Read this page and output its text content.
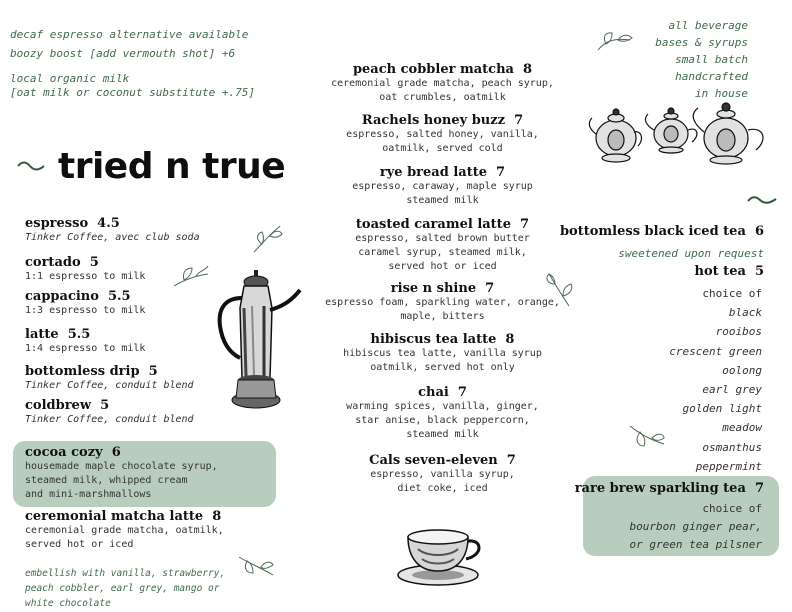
decaf espresso alternative available
boozy boost [add vermouth shot] +6
local organic milk
[oat milk or coconut substitute +.75]
all beverage
bases & syrups
small batch
handcrafted
in house
tried n true
espresso 4.5
Tinker Coffee, avec club soda
cortado 5
1:1 espresso to milk
cappacino 5.5
1:3 espresso to milk
latte 5.5
1:4 espresso to milk
bottomless drip 5
Tinker Coffee, conduit blend
coldbrew 5
Tinker Coffee, conduit blend
cocoa cozy 6
housemade maple chocolate syrup,
steamed milk, whipped cream
and mini-marshmallows
ceremonial matcha latte 8
ceremonial grade matcha, oatmilk,
served hot or iced
embellish with vanilla, strawberry,
peach cobbler, earl grey, mango or
white chocolate
peach cobbler matcha 8
ceremonial grade matcha, peach syrup,
oat crumbles, oatmilk
Rachels honey buzz 7
espresso, salted honey, vanilla,
oatmilk, served cold
rye bread latte 7
espresso, caraway, maple syrup
steamed milk
toasted caramel latte 7
espresso, salted brown butter
caramel syrup, steamed milk,
served hot or iced
rise n shine 7
espresso foam, sparkling water, orange,
maple, bitters
hibiscus tea latte 8
hibiscus tea latte, vanilla syrup
oatmilk, served hot only
chai 7
warming spices, vanilla, ginger,
star anise, black peppercorn,
steamed milk
Cals seven-eleven 7
espresso, vanilla syrup,
diet coke, iced
bottomless black iced tea 6
sweetened upon request
hot tea 5
choice of
black
rooibos
crescent green
oolong
earl grey
golden light
meadow
osmanthus
peppermint
rare brew sparkling tea 7
choice of
bourbon ginger pear,
or green tea pilsner
